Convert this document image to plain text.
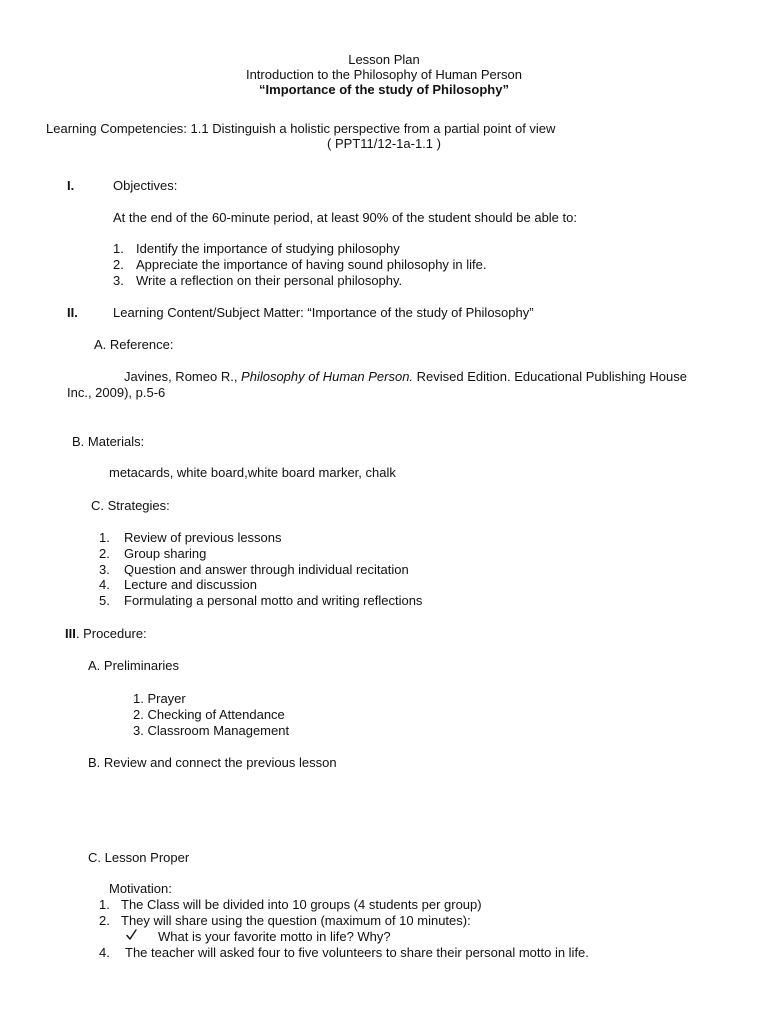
Lesson Plan
Introduction to the Philosophy of Human Person
“Importance of the study of Philosophy”
Learning Competencies: 1.1 Distinguish a holistic perspective from a partial point of view
( PPT11/12-1a-1.1 )
I.	Objectives:
At the end of the 60-minute period, at least 90% of the student should be able to:
1. Identify the importance of studying philosophy
2. Appreciate the importance of having sound philosophy in life.
3. Write a reflection on their personal philosophy.
II.	Learning Content/Subject Matter: “Importance of the study of Philosophy”
A. Reference:
Javines, Romeo R., Philosophy of Human Person. Revised Edition. Educational Publishing House
Inc., 2009), p.5-6
B. Materials:
metacards, white board,white board marker, chalk
C. Strategies:
1. Review of previous lessons
2. Group sharing
3. Question and answer through individual recitation
4. Lecture and discussion
5. Formulating a personal motto and writing reflections
III. Procedure:
A. Preliminaries
1. Prayer
2. Checking of Attendance
3. Classroom Management
B. Review and connect the previous lesson
C. Lesson Proper
Motivation:
1. The Class will be divided into 10 groups (4 students per group)
2. They will share using the question (maximum of 10 minutes):
What is your favorite motto in life? Why?
4. The teacher will asked four to five volunteers to share their personal motto in life.
